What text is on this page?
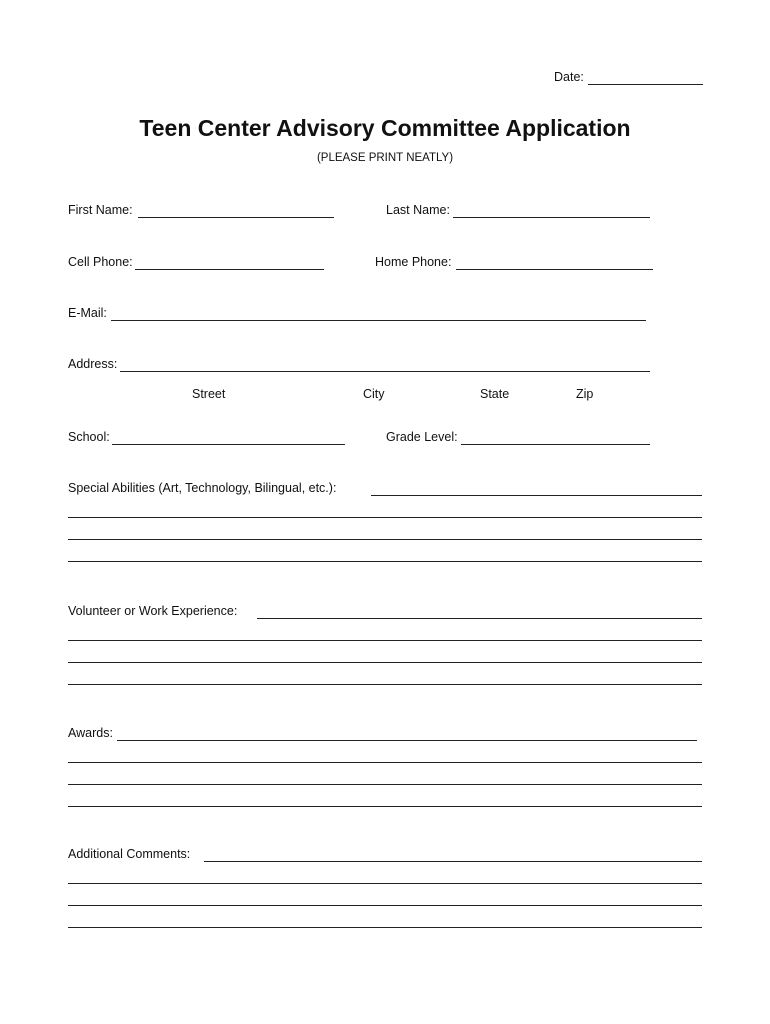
Date:
Teen Center Advisory Committee Application
(PLEASE PRINT NEATLY)
First Name:	Last Name:
Cell Phone:	Home Phone:
E-Mail:
Address:
Street	City	State	Zip
School:	Grade Level:
Special Abilities (Art, Technology, Bilingual, etc.):
Volunteer or Work Experience:
Awards:
Additional Comments:
